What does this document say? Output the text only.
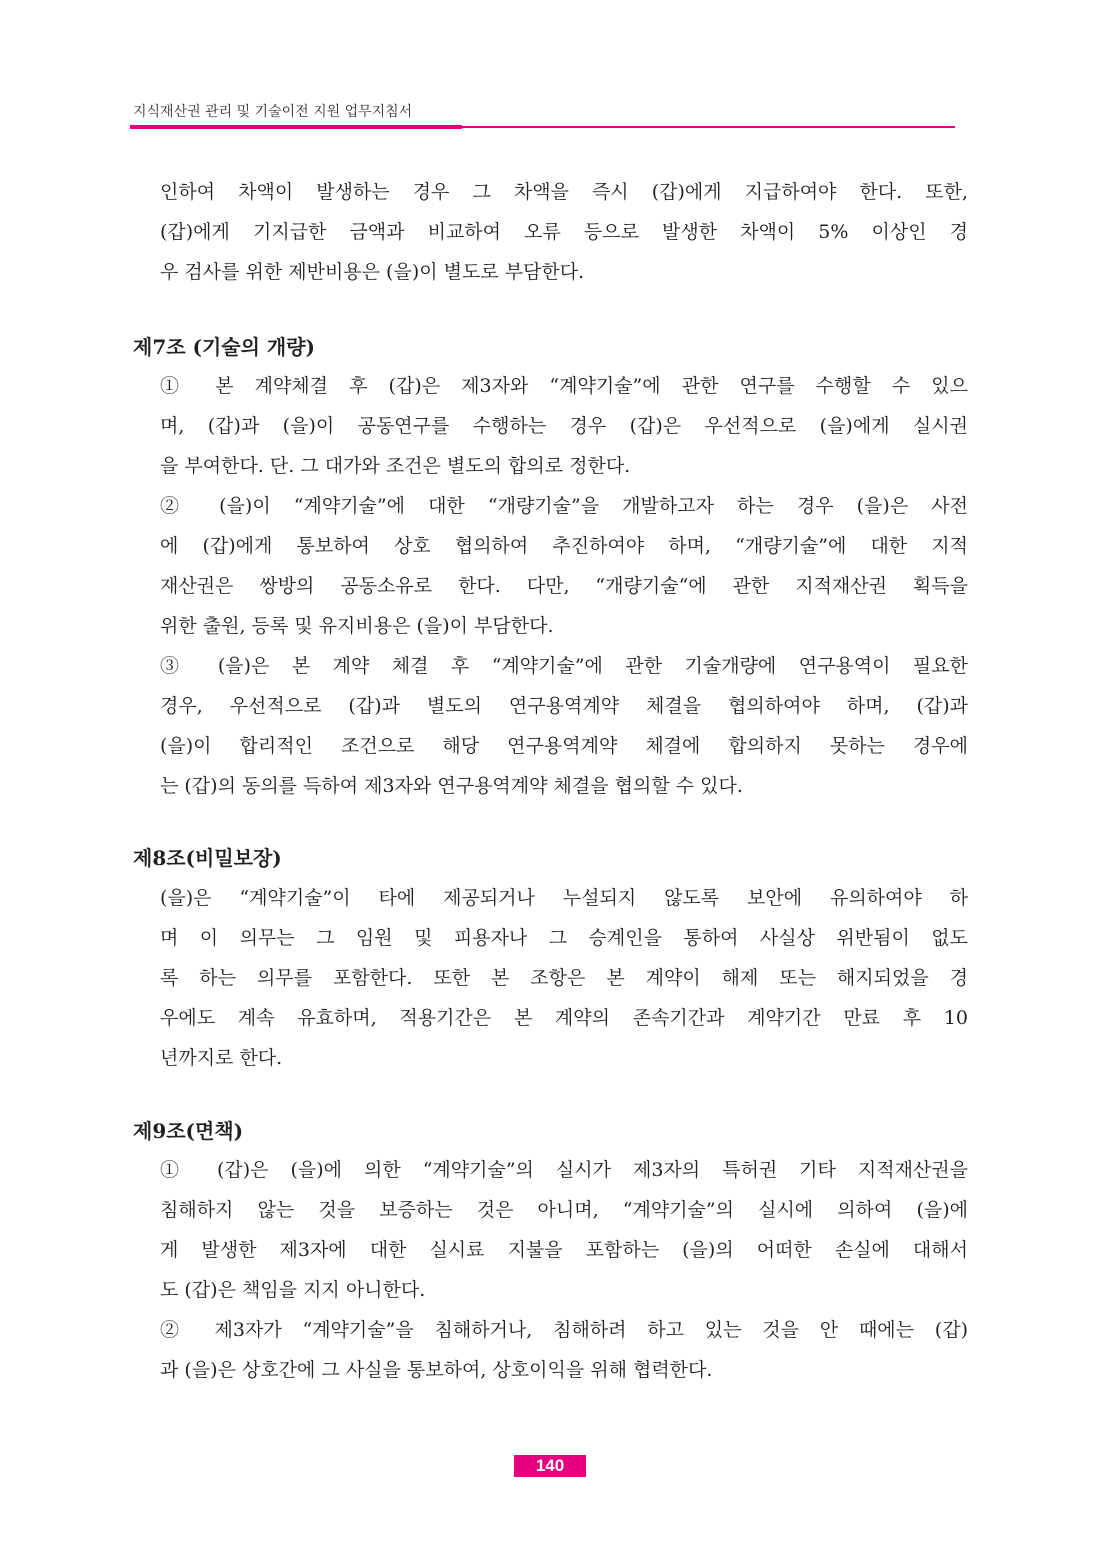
지식재산권 관리 및 기술이전 지원 업무지침서
인하여 차액이 발생하는 경우 그 차액을 즉시 (갑)에게 지급하여야 한다. 또한,
(갑)에게 기지급한 금액과 비교하여 오류 등으로 발생한 차액이 5% 이상인 경
우 검사를 위한 제반비용은 (을)이 별도로 부담한다.
제7조 (기술의 개량)
① 본 계약체결 후 (갑)은 제3자와 “계약기술”에 관한 연구를 수행할 수 있으
며, (갑)과 (을)이 공동연구를 수행하는 경우 (갑)은 우선적으로 (을)에게 실시권
을 부여한다. 단. 그 대가와 조건은 별도의 합의로 정한다.
② (을)이 “계약기술”에 대한 “개량기술”을 개발하고자 하는 경우 (을)은 사전
에 (갑)에게 통보하여 상호 협의하여 추진하여야 하며, “개량기술”에 대한 지적
재산권은 쌍방의 공동소유로 한다. 다만, “개량기술“에 관한 지적재산권 획득을
위한 출원, 등록 및 유지비용은 (을)이 부담한다.
③ (을)은 본 계약 체결 후 “계약기술”에 관한 기술개량에 연구용역이 필요한
경우, 우선적으로 (갑)과 별도의 연구용역계약 체결을 협의하여야 하며, (갑)과
(을)이 합리적인 조건으로 해당 연구용역계약 체결에 합의하지 못하는 경우에
는 (갑)의 동의를 득하여 제3자와 연구용역계약 체결을 협의할 수 있다.
제8조(비밀보장)
(을)은 “계약기술”이 타에 제공되거나 누설되지 않도록 보안에 유의하여야 하
며 이 의무는 그 임원 및 피용자나 그 승계인을 통하여 사실상 위반됨이 없도
록 하는 의무를 포함한다. 또한 본 조항은 본 계약이 해제 또는 해지되었을 경
우에도 계속 유효하며, 적용기간은 본 계약의 존속기간과 계약기간 만료 후 10
년까지로 한다.
제9조(면책)
① (갑)은 (을)에 의한 “계약기술”의 실시가 제3자의 특허권 기타 지적재산권을
침해하지 않는 것을 보증하는 것은 아니며, “계약기술”의 실시에 의하여 (을)에
게 발생한 제3자에 대한 실시료 지불을 포함하는 (을)의 어떠한 손실에 대해서
도 (갑)은 책임을 지지 아니한다.
② 제3자가 “계약기술”을 침해하거나, 침해하려 하고 있는 것을 안 때에는 (갑)
과 (을)은 상호간에 그 사실을 통보하여, 상호이익을 위해 협력한다.
140
